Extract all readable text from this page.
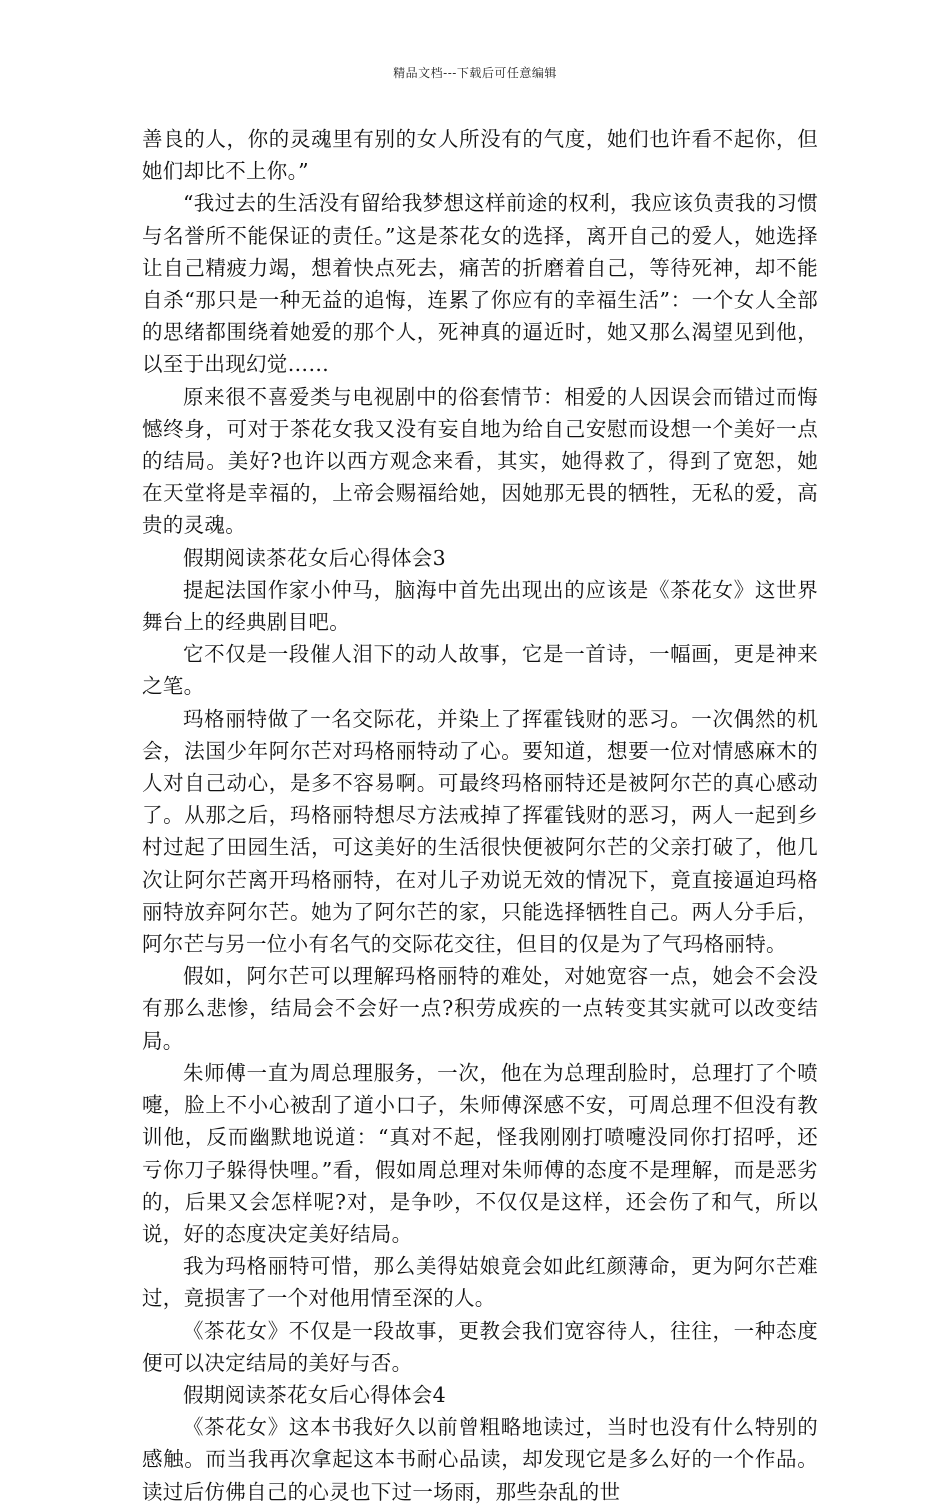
精品文档---下载后可任意编辑

善良的人，你的灵魂里有别的女人所没有的气度，她们也许看不起你，但她们却比不上你。”

“我过去的生活没有留给我梦想这样前途的权利，我应该负责我的习惯与名誉所不能保证的责任。”这是茶花女的选择，离开自己的爱人，她选择让自己精疲力竭，想着快点死去，痛苦的折磨着自己，等待死神，却不能自杀“那只是一种无益的追悔，连累了你应有的幸福生活”：一个女人全部的思绪都围绕着她爱的那个人，死神真的逼近时，她又那么渴望见到他，以至于出现幻觉……

原来很不喜爱类与电视剧中的俗套情节：相爱的人因误会而错过而悔憾终身，可对于茶花女我又没有妄自地为给自己安慰而设想一个美好一点的结局。美好?也许以西方观念来看，其实，她得救了，得到了宽恕，她在天堂将是幸福的，上帝会赐福给她，因她那无畏的牺牲，无私的爱，高贵的灵魂。

假期阅读茶花女后心得体会3

提起法国作家小仲马，脑海中首先出现出的应该是《茶花女》这世界舞台上的经典剧目吧。

它不仅是一段催人泪下的动人故事，它是一首诗，一幅画，更是神来之笔。

玛格丽特做了一名交际花，并染上了挥霍钱财的恶习。一次偶然的机会，法国少年阿尔芒对玛格丽特动了心。要知道，想要一位对情感麻木的人对自己动心，是多不容易啊。可最终玛格丽特还是被阿尔芒的真心感动了。从那之后，玛格丽特想尽方法戒掉了挥霍钱财的恶习，两人一起到乡村过起了田园生活，可这美好的生活很快便被阿尔芒的父亲打破了，他几次让阿尔芒离开玛格丽特，在对儿子劝说无效的情况下，竟直接逼迫玛格丽特放弃阿尔芒。她为了阿尔芒的家，只能选择牺牲自己。两人分手后，阿尔芒与另一位小有名气的交际花交往，但目的仅是为了气玛格丽特。

假如，阿尔芒可以理解玛格丽特的难处，对她宽容一点，她会不会没有那么悲惨，结局会不会好一点?积劳成疾的一点转变其实就可以改变结局。

朱师傅一直为周总理服务，一次，他在为总理刮脸时，总理打了个喷嚏，脸上不小心被刮了道小口子，朱师傅深感不安，可周总理不但没有教训他，反而幽默地说道：“真对不起，怪我刚刚打喷嚏没同你打招呼，还亏你刀子躲得快哩。”看，假如周总理对朱师傅的态度不是理解，而是恶劣的，后果又会怎样呢?对，是争吵，不仅仅是这样，还会伤了和气，所以说，好的态度决定美好结局。

我为玛格丽特可惜，那么美得姑娘竟会如此红颜薄命，更为阿尔芒难过，竟损害了一个对他用情至深的人。

《茶花女》不仅是一段故事，更教会我们宽容待人，往往，一种态度便可以决定结局的美好与否。

假期阅读茶花女后心得体会4

《茶花女》这本书我好久以前曾粗略地读过，当时也没有什么特别的感触。而当我再次拿起这本书耐心品读，却发现它是多么好的一个作品。读过后仿佛自己的心灵也下过一场雨，那些杂乱的世
